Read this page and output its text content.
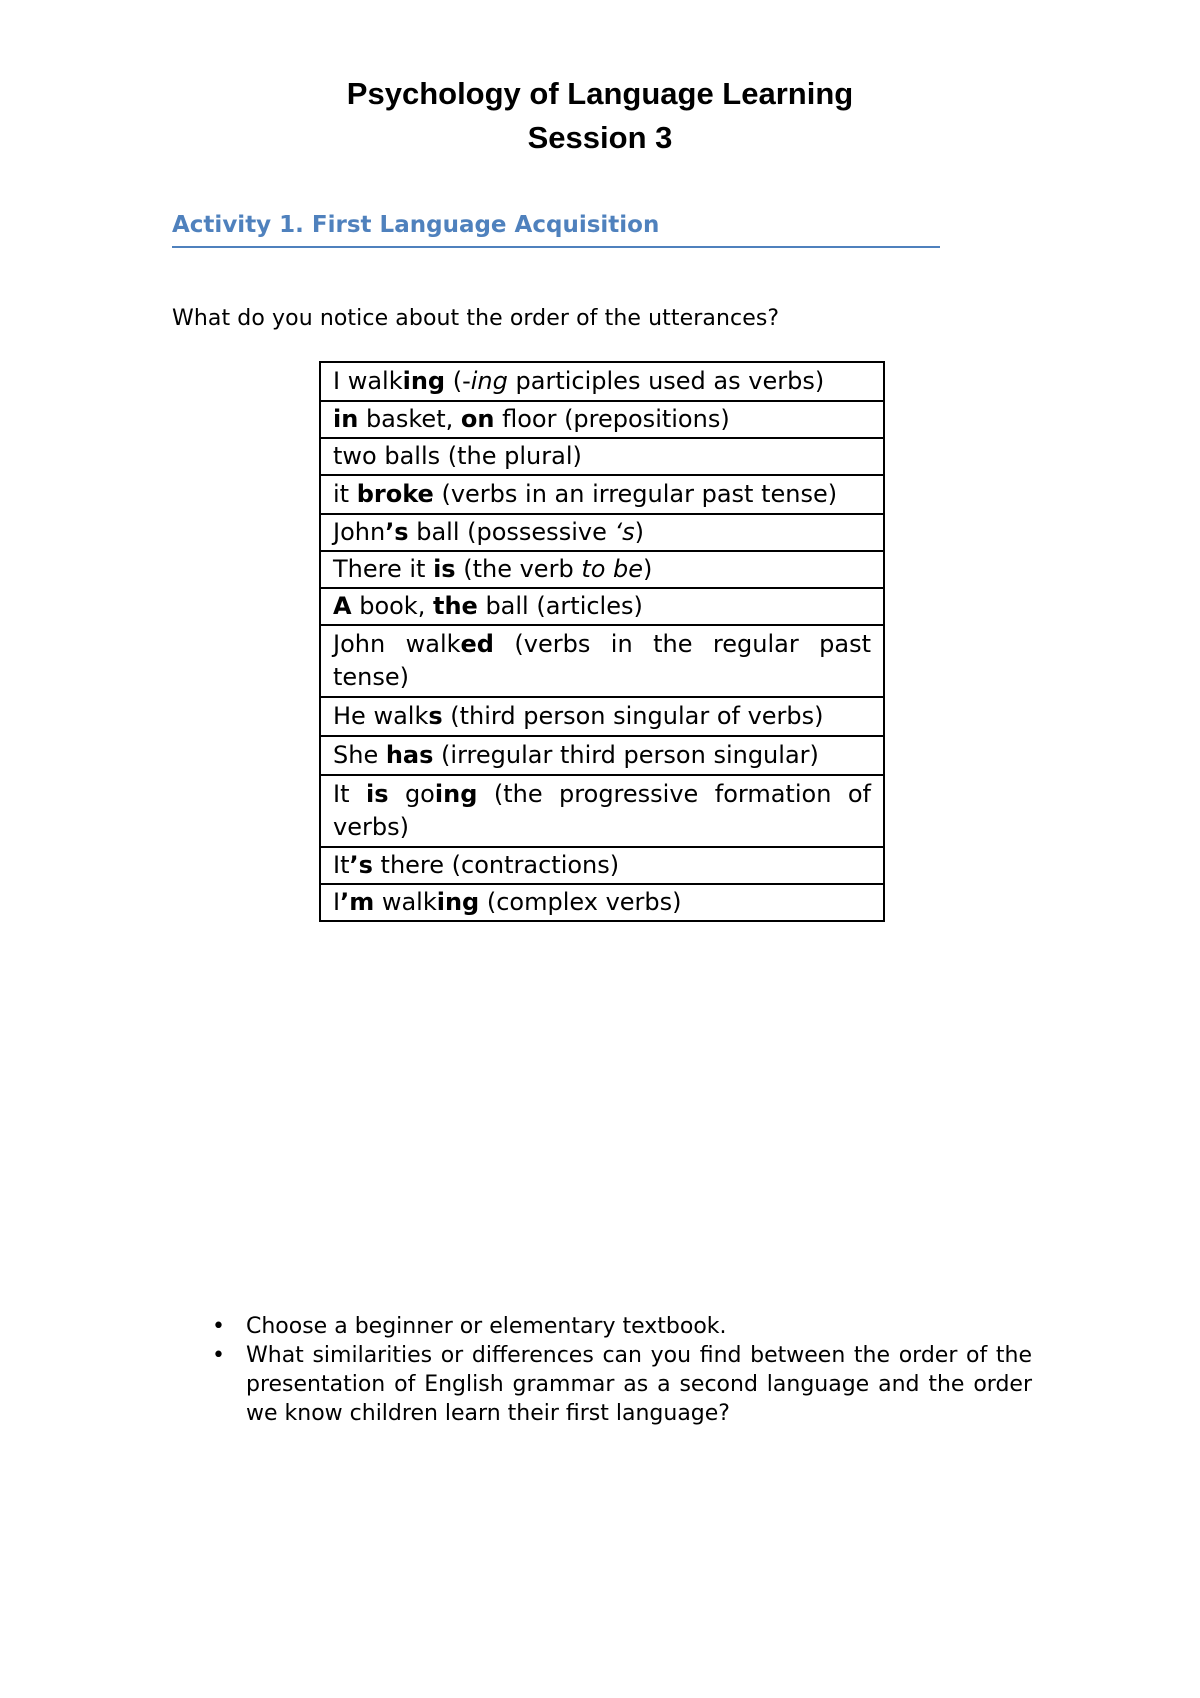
Psychology of Language Learning
Session 3
Activity 1. First Language Acquisition

What do you notice about the order of the utterances?

I walking (-ing participles used as verbs)
in basket, on floor (prepositions)
two balls (the plural)
it broke (verbs in an irregular past tense)
John’s ball (possessive ‘s)
There it is (the verb to be)
A book, the ball (articles)
John walked (verbs in the regular past tense)
He walks (third person singular of verbs)
She has (irregular third person singular)
It is going (the progressive formation of verbs)
It’s there (contractions)
I’m walking (complex verbs)
• Choose a beginner or elementary textbook.
• What similarities or differences can you find between the order of the presentation of English grammar as a second language and the order we know children learn their first language?
